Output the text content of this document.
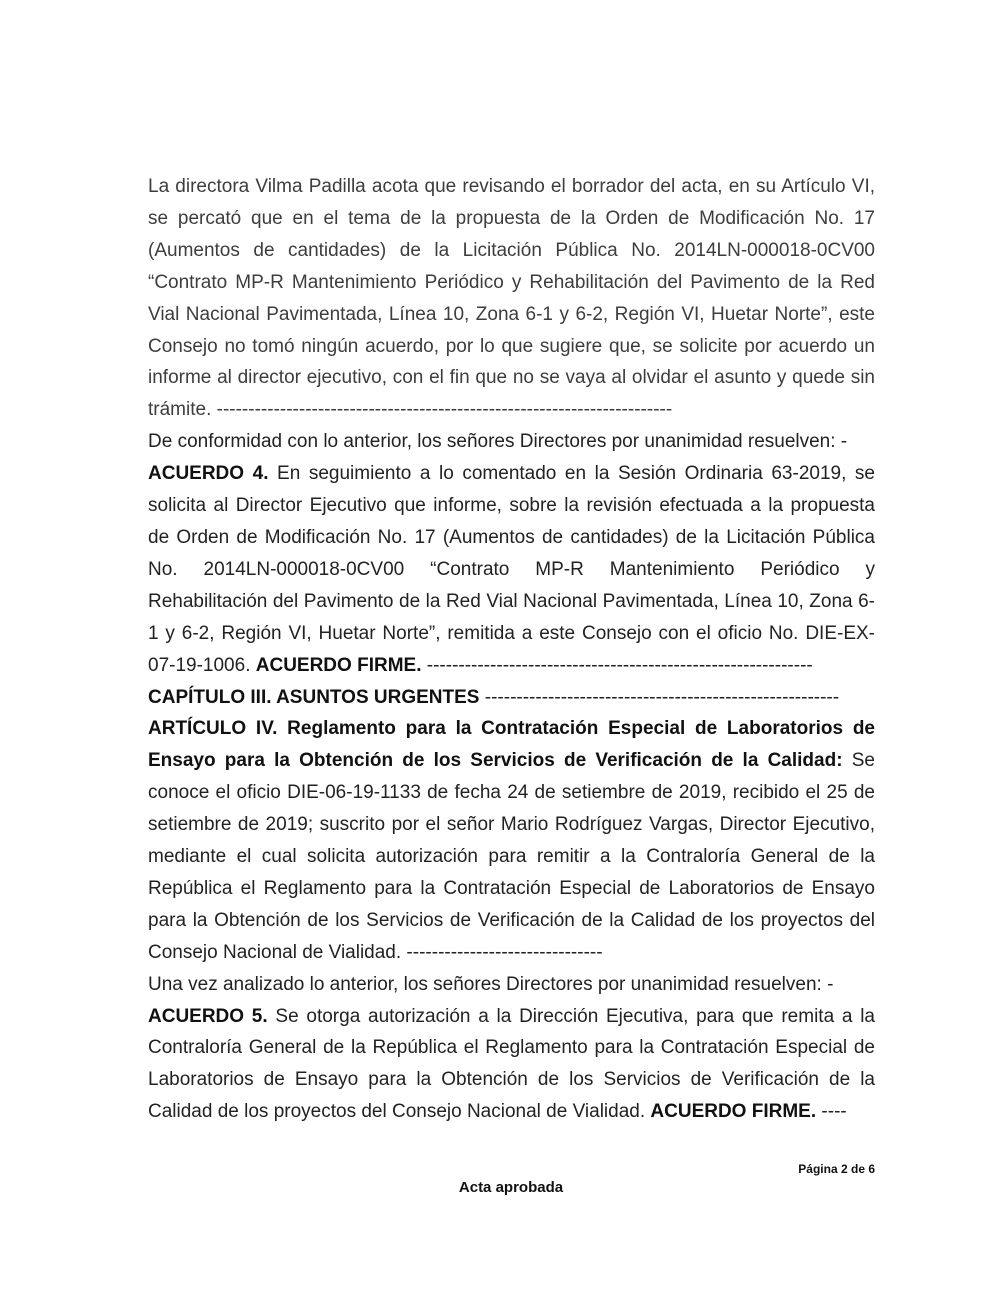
La directora Vilma Padilla acota que revisando el borrador del acta, en su Artículo VI, se percató que en el tema de la propuesta de la Orden de Modificación No. 17 (Aumentos de cantidades) de la Licitación Pública No. 2014LN-000018-0CV00 “Contrato MP-R Mantenimiento Periódico y Rehabilitación del Pavimento de la Red Vial Nacional Pavimentada, Línea 10, Zona 6-1 y 6-2, Región VI, Huetar Norte”, este Consejo no tomó ningún acuerdo, por lo que sugiere que, se solicite por acuerdo un informe al director ejecutivo, con el fin que no se vaya al olvidar el asunto y quede sin trámite. ------------------------------------------------------------------------

De conformidad con lo anterior, los señores Directores por unanimidad resuelven: -

ACUERDO 4. En seguimiento a lo comentado en la Sesión Ordinaria 63-2019, se solicita al Director Ejecutivo que informe, sobre la revisión efectuada a la propuesta de Orden de Modificación No. 17 (Aumentos de cantidades) de la Licitación Pública No. 2014LN-000018-0CV00 “Contrato MP-R Mantenimiento Periódico y Rehabilitación del Pavimento de la Red Vial Nacional Pavimentada, Línea 10, Zona 6-1 y 6-2, Región VI, Huetar Norte”, remitida a este Consejo con el oficio No. DIE-EX-07-19-1006. ACUERDO FIRME. -------------------------------------------------------------

CAPÍTULO III. ASUNTOS URGENTES --------------------------------------------------------

ARTÍCULO IV. Reglamento para la Contratación Especial de Laboratorios de Ensayo para la Obtención de los Servicios de Verificación de la Calidad: Se conoce el oficio DIE-06-19-1133 de fecha 24 de setiembre de 2019, recibido el 25 de setiembre de 2019; suscrito por el señor Mario Rodríguez Vargas, Director Ejecutivo, mediante el cual solicita autorización para remitir a la Contraloría General de la República el Reglamento para la Contratación Especial de Laboratorios de Ensayo para la Obtención de los Servicios de Verificación de la Calidad de los proyectos del Consejo Nacional de Vialidad. -------------------------------

Una vez analizado lo anterior, los señores Directores por unanimidad resuelven: -

ACUERDO 5. Se otorga autorización a la Dirección Ejecutiva, para que remita a la Contraloría General de la República el Reglamento para la Contratación Especial de Laboratorios de Ensayo para la Obtención de los Servicios de Verificación de la Calidad de los proyectos del Consejo Nacional de Vialidad. ACUERDO FIRME. ----

Página 2 de 6
Acta aprobada
